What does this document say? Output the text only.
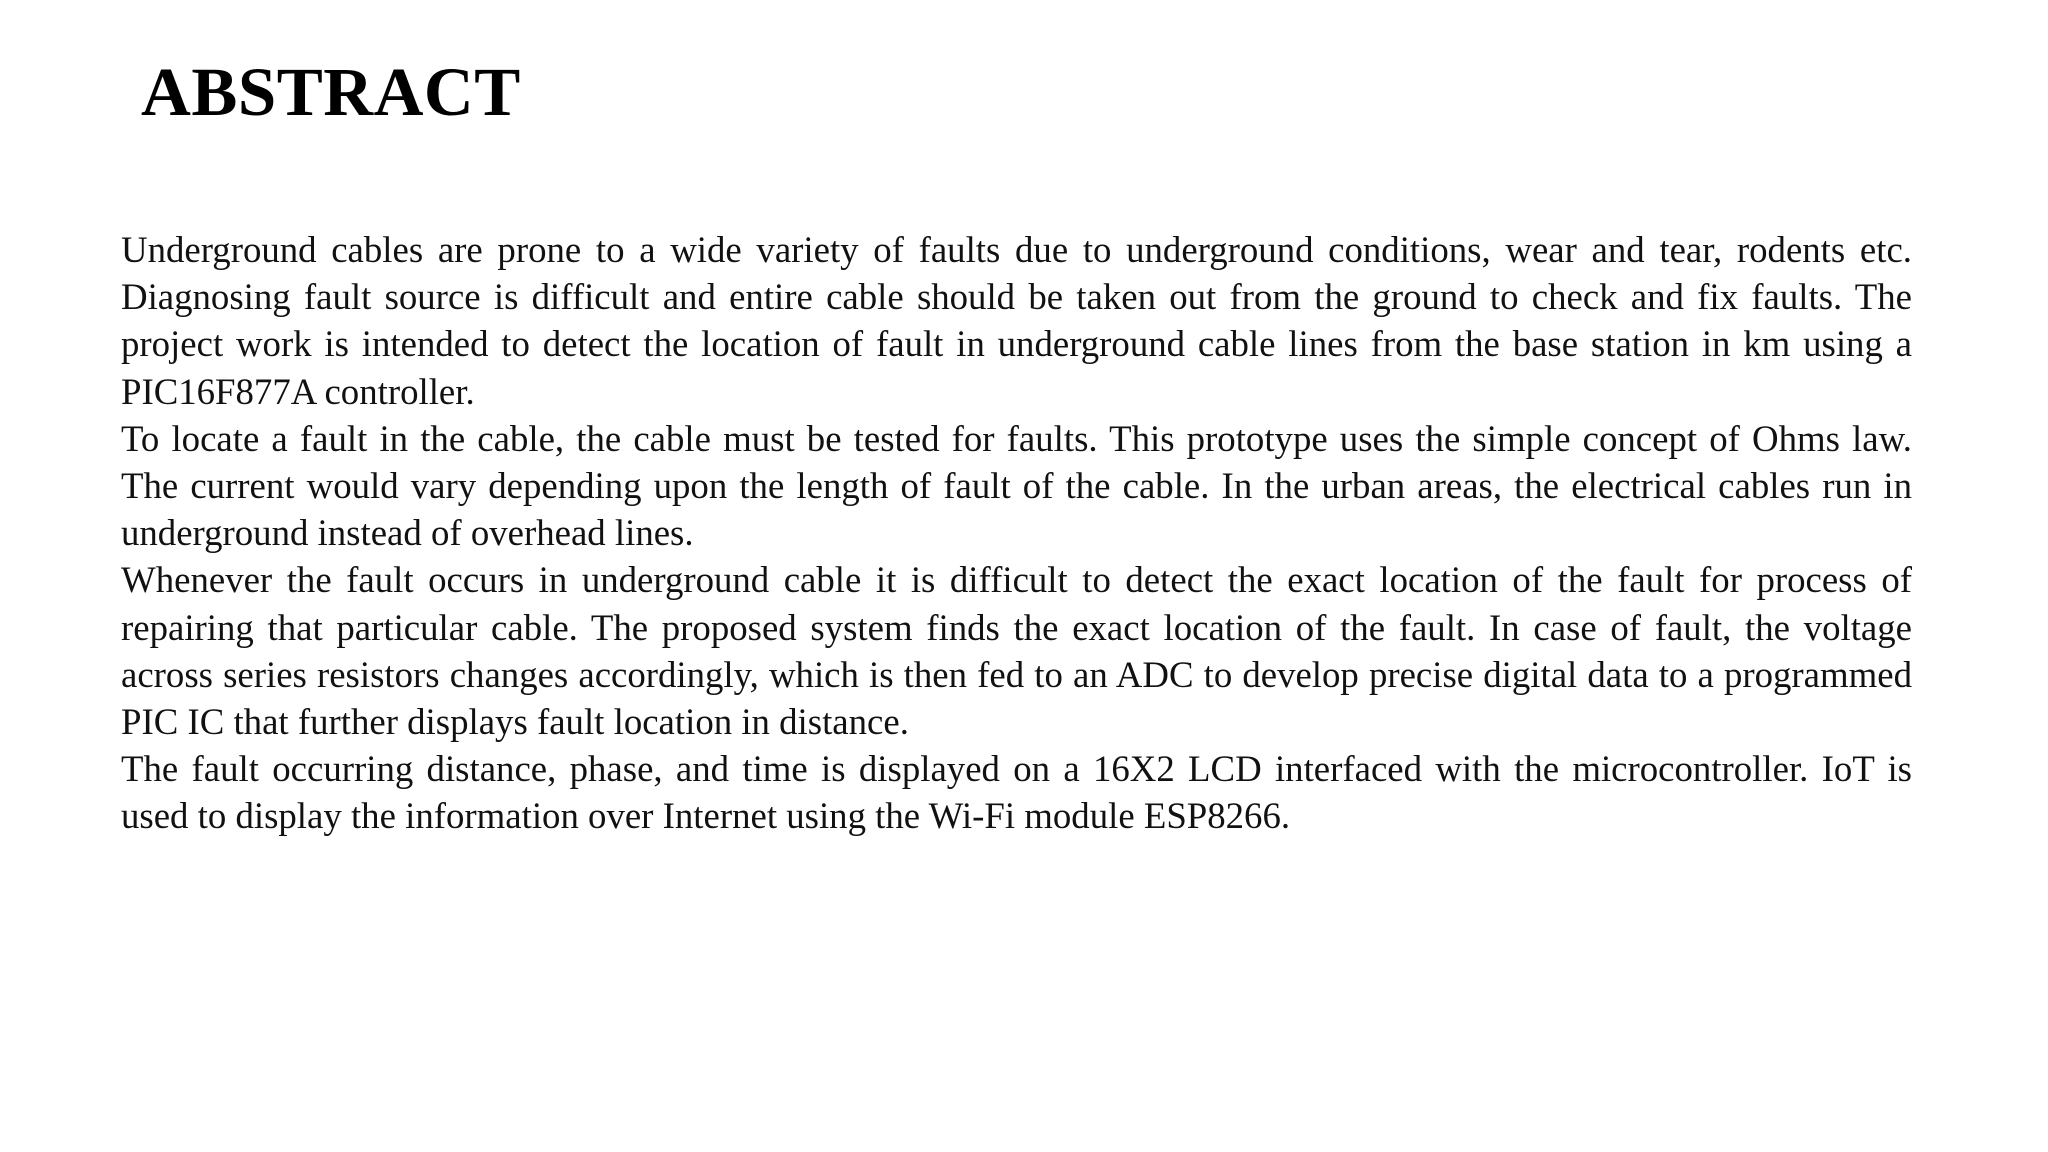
ABSTRACT

Underground cables are prone to a wide variety of faults due to underground conditions, wear and tear, rodents etc. Diagnosing fault source is difficult and entire cable should be taken out from the ground to check and fix faults. The project work is intended to detect the location of fault in underground cable lines from the base station in km using a PIC16F877A controller.

To locate a fault in the cable, the cable must be tested for faults. This prototype uses the simple concept of Ohms law. The current would vary depending upon the length of fault of the cable. In the urban areas, the electrical cables run in underground instead of overhead lines.

Whenever the fault occurs in underground cable it is difficult to detect the exact location of the fault for process of repairing that particular cable. The proposed system finds the exact location of the fault. In case of fault, the voltage across series resistors changes accordingly, which is then fed to an ADC to develop precise digital data to a programmed PIC IC that further displays fault location in distance.

The fault occurring distance, phase, and time is displayed on a 16X2 LCD interfaced with the microcontroller. IoT is used to display the information over Internet using the Wi-Fi module ESP8266.
